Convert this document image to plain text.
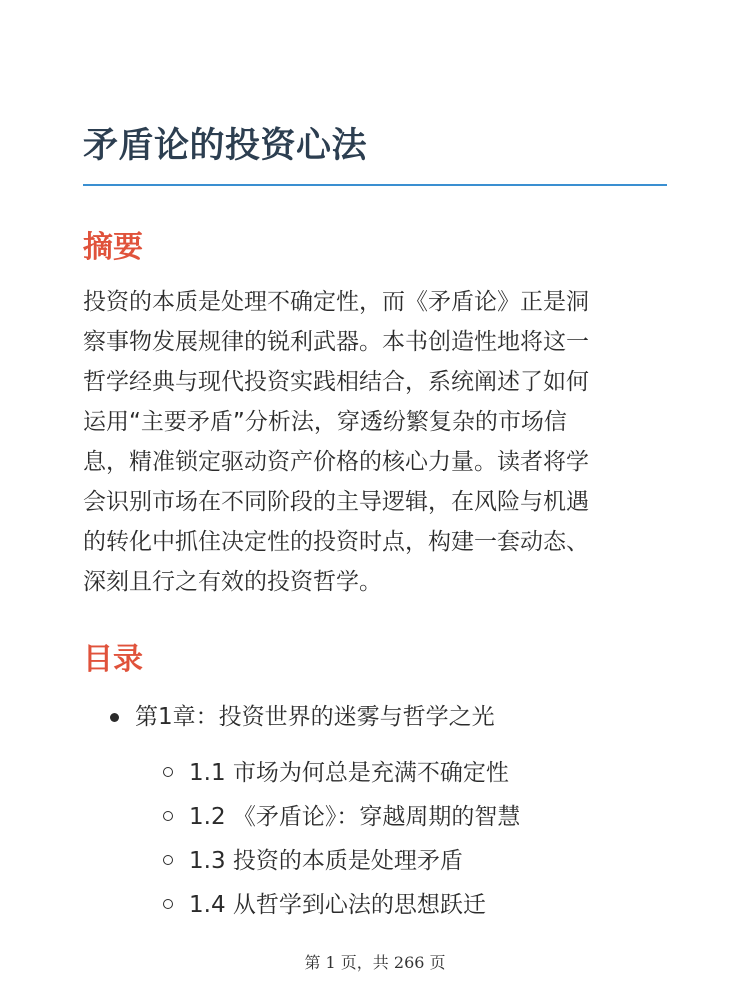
矛盾论的投资心法
摘要

投资的本质是处理不确定性，而《矛盾论》正是洞
察事物发展规律的锐利武器。本书创造性地将这一
哲学经典与现代投资实践相结合，系统阐述了如何
运用“主要矛盾”分析法，穿透纷繁复杂的市场信
息，精准锁定驱动资产价格的核心力量。读者将学
会识别市场在不同阶段的主导逻辑，在风险与机遇
的转化中抓住决定性的投资时点，构建一套动态、
深刻且行之有效的投资哲学。

目录
第1章：投资世界的迷雾与哲学之光
1.1 市场为何总是充满不确定性
1.2 《矛盾论》：穿越周期的智慧
1.3 投资的本质是处理矛盾
1.4 从哲学到心法的思想跃迁
第 1 页，共 266 页
